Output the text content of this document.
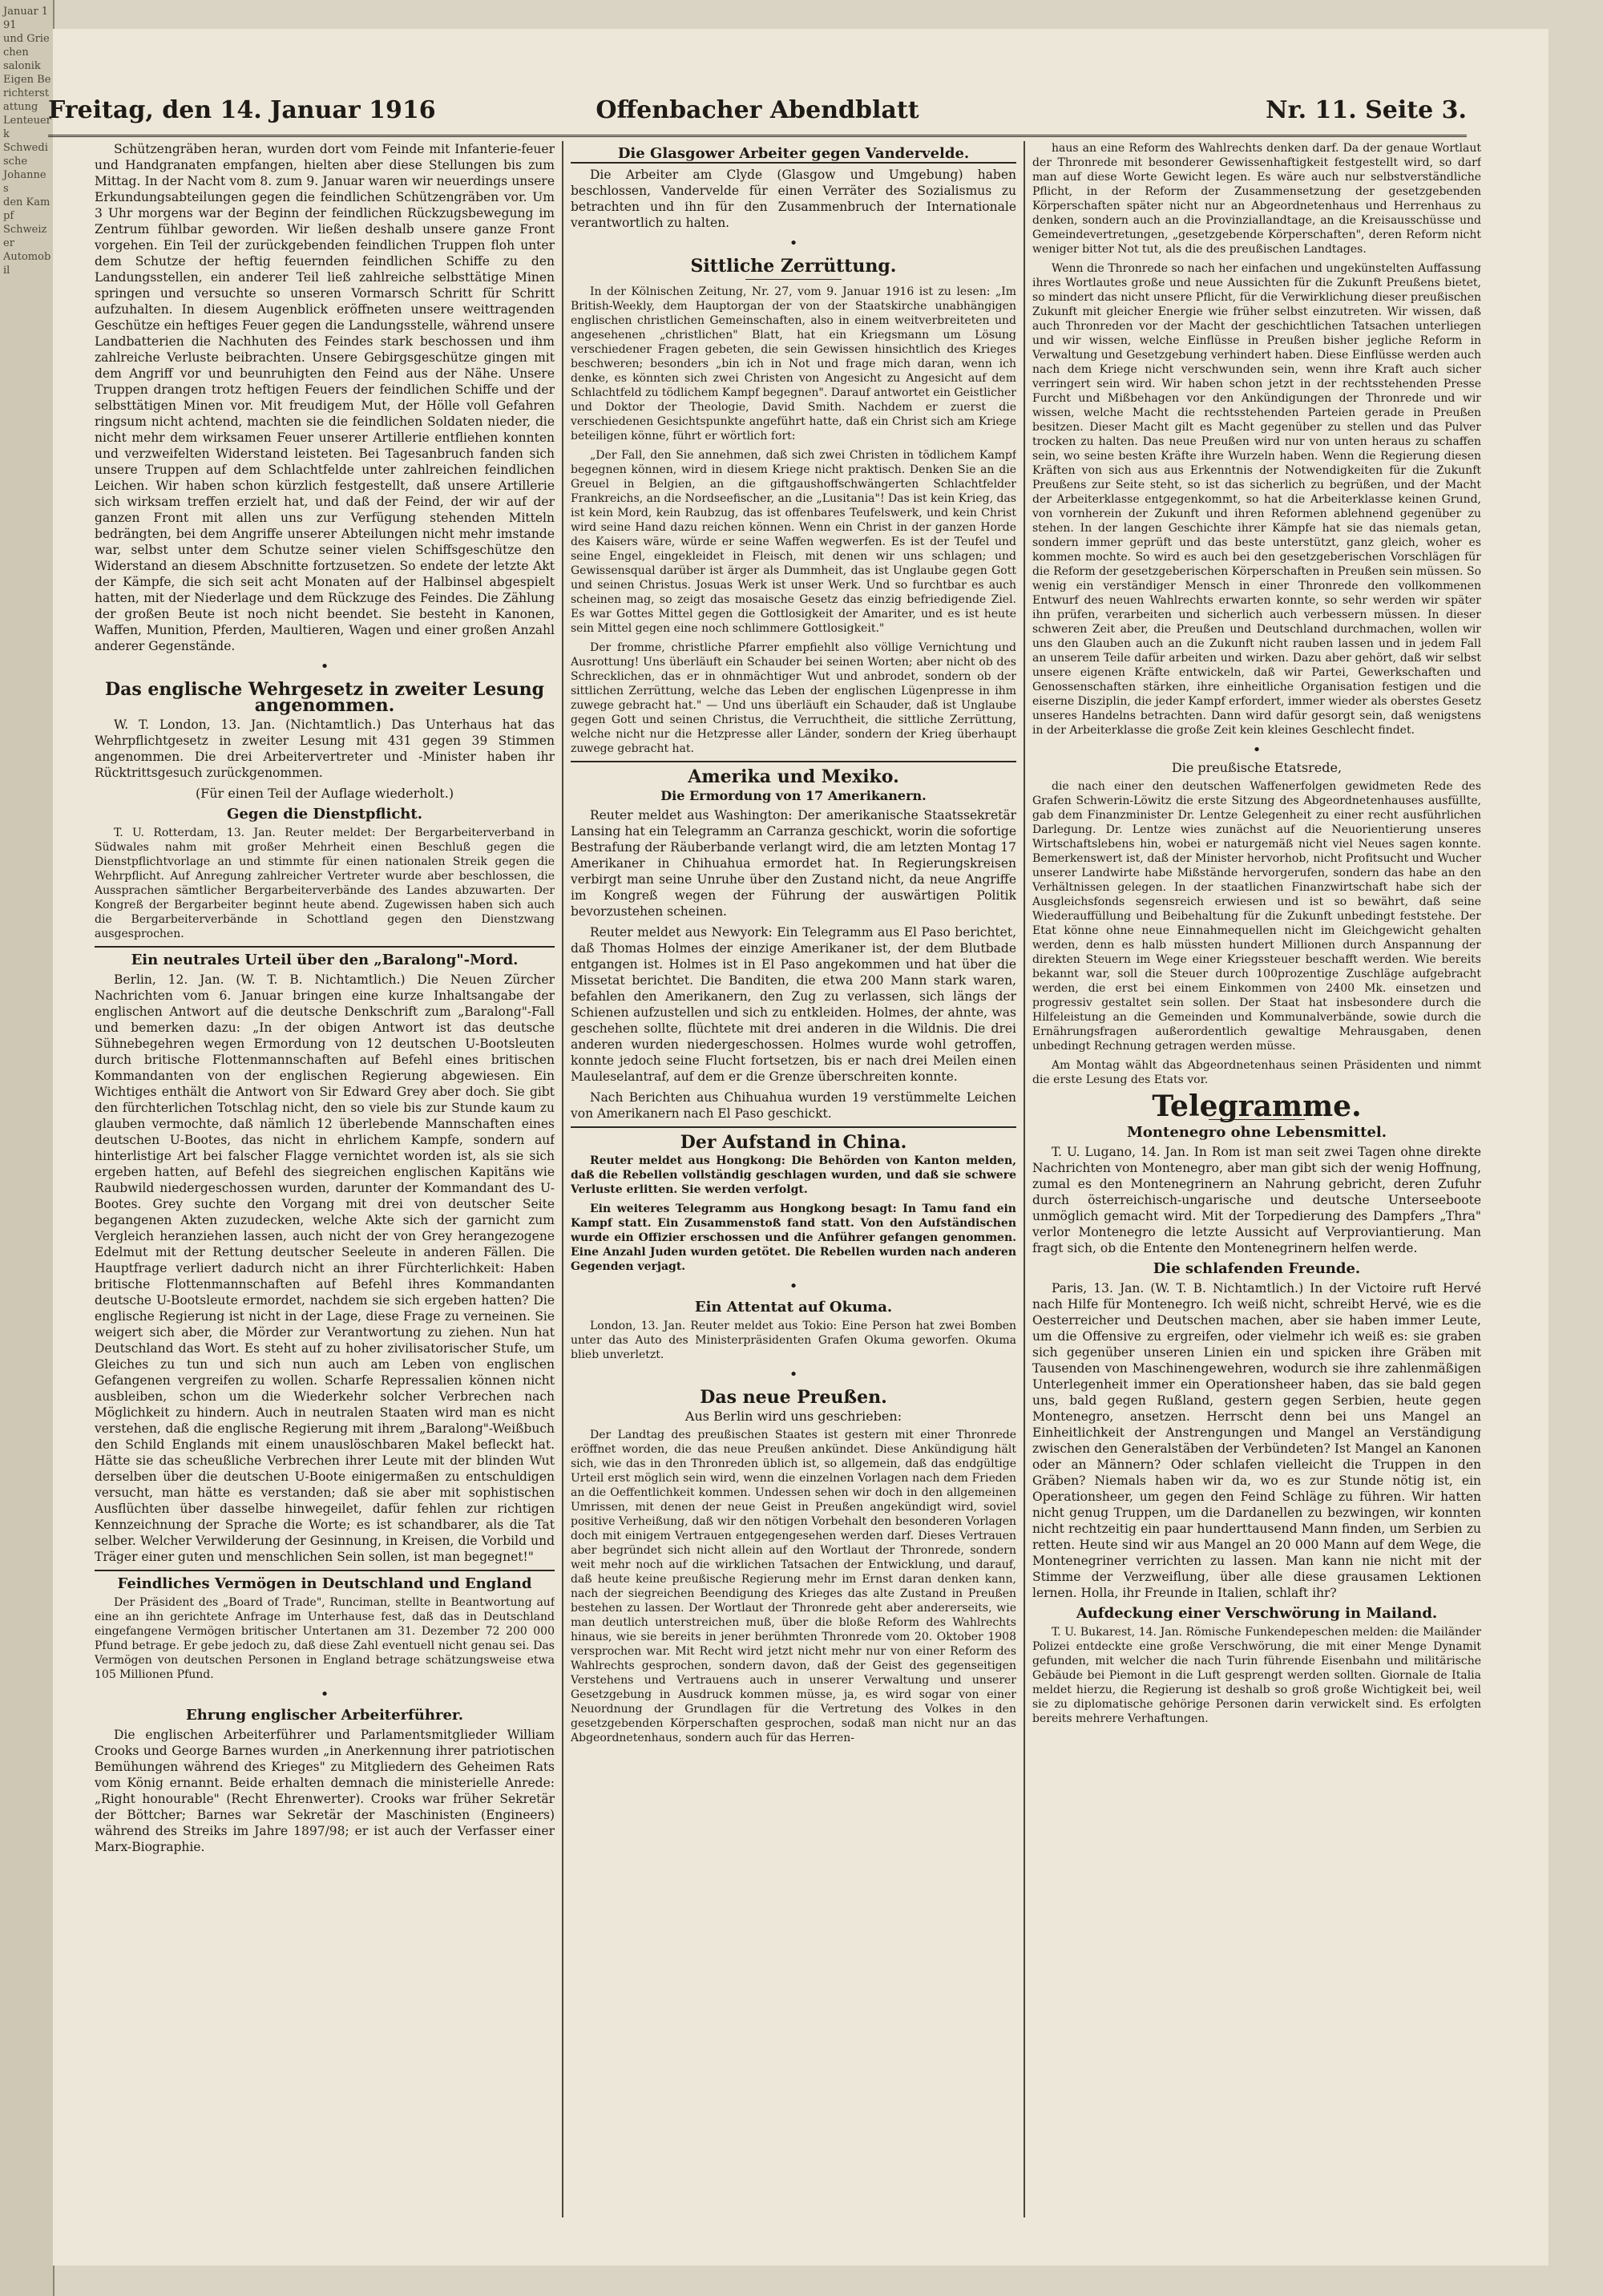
Januar 191
und Griechen
salonik
Eigen Berichterstattung
Lenteuerk
Schwedische
Johannes
den Kampf
Schweizer
Automobil
Freitag, den 14. Januar 1916	Offenbacher Abendblatt	Nr. 11. Seite 3.

Schützengräben heran, wurden dort vom Feinde mit Infanterie-feuer und Handgranaten empfangen, hielten aber diese Stellungen bis zum Mittag. In der Nacht vom 8. zum 9. Januar waren wir neuerdings unsere Erkundungsabteilungen gegen die feindlichen Schützengräben vor. Um 3 Uhr morgens war der Beginn der feindlichen Rückzugsbewegung im Zentrum fühlbar geworden. Wir ließen deshalb unsere ganze Front vorgehen. Ein Teil der zurückgebenden feindlichen Truppen floh unter dem Schutze der heftig feuernden feindlichen Schiffe zu den Landungsstellen, ein anderer Teil ließ zahlreiche selbsttätige Minen springen und versuchte so unseren Vormarsch Schritt für Schritt aufzuhalten. In diesem Augenblick eröffneten unsere weittragenden Geschütze ein heftiges Feuer gegen die Landungsstelle, während unsere Landbatterien die Nachhuten des Feindes stark beschossen und ihm zahlreiche Verluste beibrachten. Unsere Gebirgsgeschütze gingen mit dem Angriff vor und beunruhigten den Feind aus der Nähe. Unsere Truppen drangen trotz heftigen Feuers der feindlichen Schiffe und der selbsttätigen Minen vor. Mit freudigem Mut, der Hölle voll Gefahren ringsum nicht achtend, machten sie die feindlichen Soldaten nieder, die nicht mehr dem wirksamen Feuer unserer Artillerie entfliehen konnten und verzweifelten Widerstand leisteten. Bei Tagesanbruch fanden sich unsere Truppen auf dem Schlachtfelde unter zahlreichen feindlichen Leichen. Wir haben schon kürzlich festgestellt, daß unsere Artillerie sich wirksam treffen erzielt hat, und daß der Feind, der wir auf der ganzen Front mit allen uns zur Verfügung stehenden Mitteln bedrängten, bei dem Angriffe unserer Abteilungen nicht mehr imstande war, selbst unter dem Schutze seiner vielen Schiffsgeschütze den Widerstand an diesem Abschnitte fortzusetzen. So endete der letzte Akt der Kämpfe, die sich seit acht Monaten auf der Halbinsel abgespielt hatten, mit der Niederlage und dem Rückzuge des Feindes. Die Zählung der großen Beute ist noch nicht beendet. Sie besteht in Kanonen, Waffen, Munition, Pferden, Maultieren, Wagen und einer großen Anzahl anderer Gegenstände.

•
Das englische Wehrgesetz in zweiter Lesung angenommen.

W. T. London, 13. Jan. (Nichtamtlich.) Das Unterhaus hat das Wehrpflichtgesetz in zweiter Lesung mit 431 gegen 39 Stimmen angenommen. Die drei Arbeitervertreter und -Minister haben ihr Rücktrittsgesuch zurückgenommen.

(Für einen Teil der Auflage wiederholt.)
Gegen die Dienstpflicht.

T. U. Rotterdam, 13. Jan. Reuter meldet: Der Bergarbeiterverband in Südwales nahm mit großer Mehrheit einen Beschluß gegen die Dienstpflichtvorlage an und stimmte für einen nationalen Streik gegen die Wehrpflicht. Auf Anregung zahlreicher Vertreter wurde aber beschlossen, die Aussprachen sämtlicher Bergarbeiterverbände des Landes abzuwarten. Der Kongreß der Bergarbeiter beginnt heute abend. Zugewissen haben sich auch die Bergarbeiterverbände in Schottland gegen den Dienstzwang ausgesprochen.

Ein neutrales Urteil über den „Baralong"-Mord.

Berlin, 12. Jan. (W. T. B. Nichtamtlich.) Die Neuen Zürcher Nachrichten vom 6. Januar bringen eine kurze Inhaltsangabe der englischen Antwort auf die deutsche Denkschrift zum „Baralong"-Fall und bemerken dazu: „In der obigen Antwort ist das deutsche Sühnebegehren wegen Ermordung von 12 deutschen U-Bootsleuten durch britische Flottenmannschaften auf Befehl eines britischen Kommandanten von der englischen Regierung abgewiesen. Ein Wichtiges enthält die Antwort von Sir Edward Grey aber doch. Sie gibt den fürchterlichen Totschlag nicht, den so viele bis zur Stunde kaum zu glauben vermochte, daß nämlich 12 überlebende Mannschaften eines deutschen U-Bootes, das nicht in ehrlichem Kampfe, sondern auf hinterlistige Art bei falscher Flagge vernichtet worden ist, als sie sich ergeben hatten, auf Befehl des siegreichen englischen Kapitäns wie Raubwild niedergeschossen wurden, darunter der Kommandant des U-Bootes. Grey suchte den Vorgang mit drei von deutscher Seite begangenen Akten zuzudecken, welche Akte sich der garnicht zum Vergleich heranziehen lassen, auch nicht der von Grey herangezogene Edelmut mit der Rettung deutscher Seeleute in anderen Fällen. Die Hauptfrage verliert dadurch nicht an ihrer Fürchterlichkeit: Haben britische Flottenmannschaften auf Befehl ihres Kommandanten deutsche U-Bootsleute ermordet, nachdem sie sich ergeben hatten? Die englische Regierung ist nicht in der Lage, diese Frage zu verneinen. Sie weigert sich aber, die Mörder zur Verantwortung zu ziehen. Nun hat Deutschland das Wort. Es steht auf zu hoher zivilisatorischer Stufe, um Gleiches zu tun und sich nun auch am Leben von englischen Gefangenen vergreifen zu wollen. Scharfe Repressalien können nicht ausbleiben, schon um die Wiederkehr solcher Verbrechen nach Möglichkeit zu hindern. Auch in neutralen Staaten wird man es nicht verstehen, daß die englische Regierung mit ihrem „Baralong"-Weißbuch den Schild Englands mit einem unauslöschbaren Makel befleckt hat. Hätte sie das scheußliche Verbrechen ihrer Leute mit der blinden Wut derselben über die deutschen U-Boote einigermaßen zu entschuldigen versucht, man hätte es verstanden; daß sie aber mit sophistischen Ausflüchten über dasselbe hinwegeilet, dafür fehlen zur richtigen Kennzeichnung der Sprache die Worte; es ist schandbarer, als die Tat selber. Welcher Verwilderung der Gesinnung, in Kreisen, die Vorbild und Träger einer guten und menschlichen Sein sollen, ist man begegnet!"

Feindliches Vermögen in Deutschland und England

Der Präsident des „Board of Trade", Runciman, stellte in Beantwortung auf eine an ihn gerichtete Anfrage im Unterhause fest, daß das in Deutschland eingefangene Vermögen britischer Untertanen am 31. Dezember 72 200 000 Pfund betrage. Er gebe jedoch zu, daß diese Zahl eventuell nicht genau sei. Das Vermögen von deutschen Personen in England betrage schätzungsweise etwa 105 Millionen Pfund.

•
Ehrung englischer Arbeiterführer.

Die englischen Arbeiterführer und Parlamentsmitglieder William Crooks und George Barnes wurden „in Anerkennung ihrer patriotischen Bemühungen während des Krieges" zu Mitgliedern des Geheimen Rats vom König ernannt. Beide erhalten demnach die ministerielle Anrede: „Right honourable" (Recht Ehrenwerter). Crooks war früher Sekretär der Böttcher; Barnes war Sekretär der Maschinisten (Engineers) während des Streiks im Jahre 1897/98; er ist auch der Verfasser einer Marx-Biographie.

Die Glasgower Arbeiter gegen Vandervelde.

Die Arbeiter am Clyde (Glasgow und Umgebung) haben beschlossen, Vandervelde für einen Verräter des Sozialismus zu betrachten und ihn für den Zusammenbruch der Internationale verantwortlich zu halten.

•
Sittliche Zerrüttung.

In der Kölnischen Zeitung, Nr. 27, vom 9. Januar 1916 ist zu lesen: „Im British-Weekly, dem Hauptorgan der von der Staatskirche unabhängigen englischen christlichen Gemeinschaften, also in einem weitverbreiteten und angesehenen „christlichen" Blatt, hat ein Kriegsmann um Lösung verschiedener Fragen gebeten, die sein Gewissen hinsichtlich des Krieges beschweren; besonders „bin ich in Not und frage mich daran, wenn ich denke, es könnten sich zwei Christen von Angesicht zu Angesicht auf dem Schlachtfeld zu tödlichem Kampf begegnen". Darauf antwortet ein Geistlicher und Doktor der Theologie, David Smith. Nachdem er zuerst die verschiedenen Gesichtspunkte angeführt hatte, daß ein Christ sich am Kriege beteiligen könne, führt er wörtlich fort:

„Der Fall, den Sie annehmen, daß sich zwei Christen in tödlichem Kampf begegnen können, wird in diesem Kriege nicht praktisch. Denken Sie an die Greuel in Belgien, an die giftgaushoffschwängerten Schlachtfelder Frankreichs, an die Nordseefischer, an die „Lusitania"! Das ist kein Krieg, das ist kein Mord, kein Raubzug, das ist offenbares Teufelswerk, und kein Christ wird seine Hand dazu reichen können. Wenn ein Christ in der ganzen Horde des Kaisers wäre, würde er seine Waffen wegwerfen. Es ist der Teufel und seine Engel, eingekleidet in Fleisch, mit denen wir uns schlagen; und Gewissensqual darüber ist ärger als Dummheit, das ist Unglaube gegen Gott und seinen Christus. Josuas Werk ist unser Werk. Und so furchtbar es auch scheinen mag, so zeigt das mosaische Gesetz das einzig befriedigende Ziel. Es war Gottes Mittel gegen die Gottlosigkeit der Amariter, und es ist heute sein Mittel gegen eine noch schlimmere Gottlosigkeit."

Der fromme, christliche Pfarrer empfiehlt also völlige Vernichtung und Ausrottung! Uns überläuft ein Schauder bei seinen Worten; aber nicht ob des Schrecklichen, das er in ohnmächtiger Wut und anbrodet, sondern ob der sittlichen Zerrüttung, welche das Leben der englischen Lügenpresse in ihm zuwege gebracht hat." — Und uns überläuft ein Schauder, daß ist Unglaube gegen Gott und seinen Christus, die Verruchtheit, die sittliche Zerrüttung, welche nicht nur die Hetzpresse aller Länder, sondern der Krieg überhaupt zuwege gebracht hat.

Amerika und Mexiko.
Die Ermordung von 17 Amerikanern.

Reuter meldet aus Washington: Der amerikanische Staatssekretär Lansing hat ein Telegramm an Carranza geschickt, worin die sofortige Bestrafung der Räuberbande verlangt wird, die am letzten Montag 17 Amerikaner in Chihuahua ermordet hat. In Regierungskreisen verbirgt man seine Unruhe über den Zustand nicht, da neue Angriffe im Kongreß wegen der Führung der auswärtigen Politik bevorzustehen scheinen.

Reuter meldet aus Newyork: Ein Telegramm aus El Paso berichtet, daß Thomas Holmes der einzige Amerikaner ist, der dem Blutbade entgangen ist. Holmes ist in El Paso angekommen und hat über die Missetat berichtet. Die Banditen, die etwa 200 Mann stark waren, befahlen den Amerikanern, den Zug zu verlassen, sich längs der Schienen aufzustellen und sich zu entkleiden. Holmes, der ahnte, was geschehen sollte, flüchtete mit drei anderen in die Wildnis. Die drei anderen wurden niedergeschossen. Holmes wurde wohl getroffen, konnte jedoch seine Flucht fortsetzen, bis er nach drei Meilen einen Mauleselantraf, auf dem er die Grenze überschreiten konnte.

Nach Berichten aus Chihuahua wurden 19 verstümmelte Leichen von Amerikanern nach El Paso geschickt.

Der Aufstand in China.

Reuter meldet aus Hongkong: Die Behörden von Kanton melden, daß die Rebellen vollständig geschlagen wurden, und daß sie schwere Verluste erlitten. Sie werden verfolgt.

Ein weiteres Telegramm aus Hongkong besagt: In Tamu fand ein Kampf statt. Ein Zusammenstoß fand statt. Von den Aufständischen wurde ein Offizier erschossen und die Anführer gefangen genommen. Eine Anzahl Juden wurden getötet. Die Rebellen wurden nach anderen Gegenden verjagt.

•
Ein Attentat auf Okuma.

London, 13. Jan. Reuter meldet aus Tokio: Eine Person hat zwei Bomben unter das Auto des Ministerpräsidenten Grafen Okuma geworfen. Okuma blieb unverletzt.

•
Das neue Preußen.
Aus Berlin wird uns geschrieben:

Der Landtag des preußischen Staates ist gestern mit einer Thronrede eröffnet worden, die das neue Preußen ankündet. Diese Ankündigung hält sich, wie das in den Thronreden üblich ist, so allgemein, daß das endgültige Urteil erst möglich sein wird, wenn die einzelnen Vorlagen nach dem Frieden an die Oeffentlichkeit kommen. Undessen sehen wir doch in den allgemeinen Umrissen, mit denen der neue Geist in Preußen angekündigt wird, soviel positive Verheißung, daß wir den nötigen Vorbehalt den besonderen Vorlagen doch mit einigem Vertrauen entgegengesehen werden darf. Dieses Vertrauen aber begründet sich nicht allein auf den Wortlaut der Thronrede, sondern weit mehr noch auf die wirklichen Tatsachen der Entwicklung, und darauf, daß heute keine preußische Regierung mehr im Ernst daran denken kann, nach der siegreichen Beendigung des Krieges das alte Zustand in Preußen bestehen zu lassen. Der Wortlaut der Thronrede geht aber andererseits, wie man deutlich unterstreichen muß, über die bloße Reform des Wahlrechts hinaus, wie sie bereits in jener berühmten Thronrede vom 20. Oktober 1908 versprochen war. Mit Recht wird jetzt nicht mehr nur von einer Reform des Wahlrechts gesprochen, sondern davon, daß der Geist des gegenseitigen Verstehens und Vertrauens auch in unserer Verwaltung und unserer Gesetzgebung in Ausdruck kommen müsse, ja, es wird sogar von einer Neuordnung der Grundlagen für die Vertretung des Volkes in den gesetzgebenden Körperschaften gesprochen, sodaß man nicht nur an das Abgeordnetenhaus, sondern auch für das Herren-

haus an eine Reform des Wahlrechts denken darf. Da der genaue Wortlaut der Thronrede mit besonderer Gewissenhaftigkeit festgestellt wird, so darf man auf diese Worte Gewicht legen. Es wäre auch nur selbstverständliche Pflicht, in der Reform der Zusammensetzung der gesetzgebenden Körperschaften später nicht nur an Abgeordnetenhaus und Herrenhaus zu denken, sondern auch an die Provinziallandtage, an die Kreisausschüsse und Gemeindevertretungen, „gesetzgebende Körperschaften", deren Reform nicht weniger bitter Not tut, als die des preußischen Landtages.

Wenn die Thronrede so nach her einfachen und ungekünstelten Auffassung ihres Wortlautes große und neue Aussichten für die Zukunft Preußens bietet, so mindert das nicht unsere Pflicht, für die Verwirklichung dieser preußischen Zukunft mit gleicher Energie wie früher selbst einzutreten. Wir wissen, daß auch Thronreden vor der Macht der geschichtlichen Tatsachen unterliegen und wir wissen, welche Einflüsse in Preußen bisher jegliche Reform in Verwaltung und Gesetzgebung verhindert haben. Diese Einflüsse werden auch nach dem Kriege nicht verschwunden sein, wenn ihre Kraft auch sicher verringert sein wird. Wir haben schon jetzt in der rechtsstehenden Presse Furcht und Mißbehagen vor den Ankündigungen der Thronrede und wir wissen, welche Macht die rechtsstehenden Parteien gerade in Preußen besitzen. Dieser Macht gilt es Macht gegenüber zu stellen und das Pulver trocken zu halten. Das neue Preußen wird nur von unten heraus zu schaffen sein, wo seine besten Kräfte ihre Wurzeln haben. Wenn die Regierung diesen Kräften von sich aus aus Erkenntnis der Notwendigkeiten für die Zukunft Preußens zur Seite steht, so ist das sicherlich zu begrüßen, und der Macht der Arbeiterklasse entgegenkommt, so hat die Arbeiterklasse keinen Grund, von vornherein der Zukunft und ihren Reformen ablehnend gegenüber zu stehen. In der langen Geschichte ihrer Kämpfe hat sie das niemals getan, sondern immer geprüft und das beste unterstützt, ganz gleich, woher es kommen mochte. So wird es auch bei den gesetzgeberischen Vorschlägen für die Reform der gesetzgeberischen Körperschaften in Preußen sein müssen. So wenig ein verständiger Mensch in einer Thronrede den vollkommenen Entwurf des neuen Wahlrechts erwarten konnte, so sehr werden wir später ihn prüfen, verarbeiten und sicherlich auch verbessern müssen. In dieser schweren Zeit aber, die Preußen und Deutschland durchmachen, wollen wir uns den Glauben auch an die Zukunft nicht rauben lassen und in jedem Fall an unserem Teile dafür arbeiten und wirken. Dazu aber gehört, daß wir selbst unsere eigenen Kräfte entwickeln, daß wir Partei, Gewerkschaften und Genossenschaften stärken, ihre einheitliche Organisation festigen und die eiserne Disziplin, die jeder Kampf erfordert, immer wieder als oberstes Gesetz unseres Handelns betrachten. Dann wird dafür gesorgt sein, daß wenigstens in der Arbeiterklasse die große Zeit kein kleines Geschlecht findet.

•
Die preußische Etatsrede,

die nach einer den deutschen Waffenerfolgen gewidmeten Rede des Grafen Schwerin-Löwitz die erste Sitzung des Abgeordnetenhauses ausfüllte, gab dem Finanzminister Dr. Lentze Gelegenheit zu einer recht ausführlichen Darlegung. Dr. Lentze wies zunächst auf die Neuorientierung unseres Wirtschaftslebens hin, wobei er naturgemäß nicht viel Neues sagen konnte. Bemerkenswert ist, daß der Minister hervorhob, nicht Profitsucht und Wucher unserer Landwirte habe Mißstände hervorgerufen, sondern das habe an den Verhältnissen gelegen. In der staatlichen Finanzwirtschaft habe sich der Ausgleichsfonds segensreich erwiesen und ist so bewährt, daß seine Wiederauffüllung und Beibehaltung für die Zukunft unbedingt feststehe. Der Etat könne ohne neue Einnahmequellen nicht im Gleichgewicht gehalten werden, denn es halb müssten hundert Millionen durch Anspannung der direkten Steuern im Wege einer Kriegssteuer beschafft werden. Wie bereits bekannt war, soll die Steuer durch 100prozentige Zuschläge aufgebracht werden, die erst bei einem Einkommen von 2400 Mk. einsetzen und progressiv gestaltet sein sollen. Der Staat hat insbesondere durch die Hilfeleistung an die Gemeinden und Kommunalverbände, sowie durch die Ernährungsfragen außerordentlich gewaltige Mehrausgaben, denen unbedingt Rechnung getragen werden müsse.

Am Montag wählt das Abgeordnetenhaus seinen Präsidenten und nimmt die erste Lesung des Etats vor.

Telegramme.
Montenegro ohne Lebensmittel.

T. U. Lugano, 14. Jan. In Rom ist man seit zwei Tagen ohne direkte Nachrichten von Montenegro, aber man gibt sich der wenig Hoffnung, zumal es den Montenegrinern an Nahrung gebricht, deren Zufuhr durch österreichisch-ungarische und deutsche Unterseeboote unmöglich gemacht wird. Mit der Torpedierung des Dampfers „Thra" verlor Montenegro die letzte Aussicht auf Verproviantierung. Man fragt sich, ob die Entente den Montenegrinern helfen werde.

Die schlafenden Freunde.

Paris, 13. Jan. (W. T. B. Nichtamtlich.) In der Victoire ruft Hervé nach Hilfe für Montenegro. Ich weiß nicht, schreibt Hervé, wie es die Oesterreicher und Deutschen machen, aber sie haben immer Leute, um die Offensive zu ergreifen, oder vielmehr ich weiß es: sie graben sich gegenüber unseren Linien ein und spicken ihre Gräben mit Tausenden von Maschinengewehren, wodurch sie ihre zahlenmäßigen Unterlegenheit immer ein Operationsheer haben, das sie bald gegen uns, bald gegen Rußland, gestern gegen Serbien, heute gegen Montenegro, ansetzen. Herrscht denn bei uns Mangel an Einheitlichkeit der Anstrengungen und Mangel an Verständigung zwischen den Generalstäben der Verbündeten? Ist Mangel an Kanonen oder an Männern? Oder schlafen vielleicht die Truppen in den Gräben? Niemals haben wir da, wo es zur Stunde nötig ist, ein Operationsheer, um gegen den Feind Schläge zu führen. Wir hatten nicht genug Truppen, um die Dardanellen zu bezwingen, wir konnten nicht rechtzeitig ein paar hunderttausend Mann finden, um Serbien zu retten. Heute sind wir aus Mangel an 20 000 Mann auf dem Wege, die Montenegriner verrichten zu lassen. Man kann nie nicht mit der Stimme der Verzweiflung, über alle diese grausamen Lektionen lernen. Holla, ihr Freunde in Italien, schlaft ihr?

Aufdeckung einer Verschwörung in Mailand.

T. U. Bukarest, 14. Jan. Römische Funkendepeschen melden: die Mailänder Polizei entdeckte eine große Verschwörung, die mit einer Menge Dynamit gefunden, mit welcher die nach Turin führende Eisenbahn und militärische Gebäude bei Piemont in die Luft gesprengt werden sollten. Giornale de Italia meldet hierzu, die Regierung ist deshalb so groß große Wichtigkeit bei, weil sie zu diplomatische gehörige Personen darin verwickelt sind. Es erfolgten bereits mehrere Verhaftungen.
